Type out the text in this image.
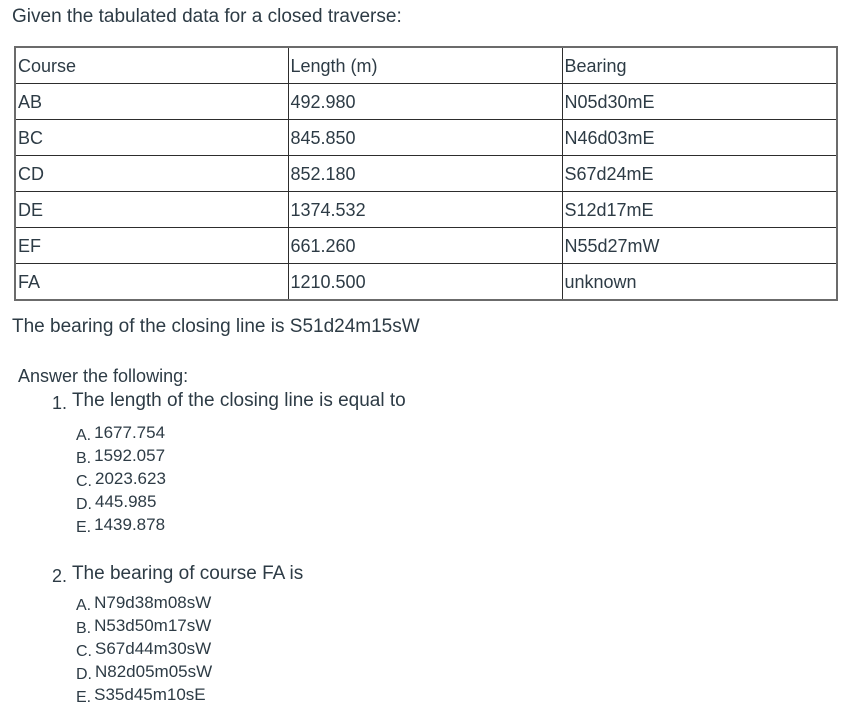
Given the tabulated data for a closed traverse:
Course	Length (m)	Bearing
AB	492.980	N05d30mE
BC	845.850	N46d03mE
CD	852.180	S67d24mE
DE	1374.532	S12d17mE
EF	661.260	N55d27mW
FA	1210.500	unknown
The bearing of the closing line is S51d24m15sW
Answer the following:
1. The length of the closing line is equal to
A. 1677.754
B. 1592.057
C. 2023.623
D. 445.985
E. 1439.878
2. The bearing of course FA is
A. N79d38m08sW
B. N53d50m17sW
C. S67d44m30sW
D. N82d05m05sW
E. S35d45m10sE
